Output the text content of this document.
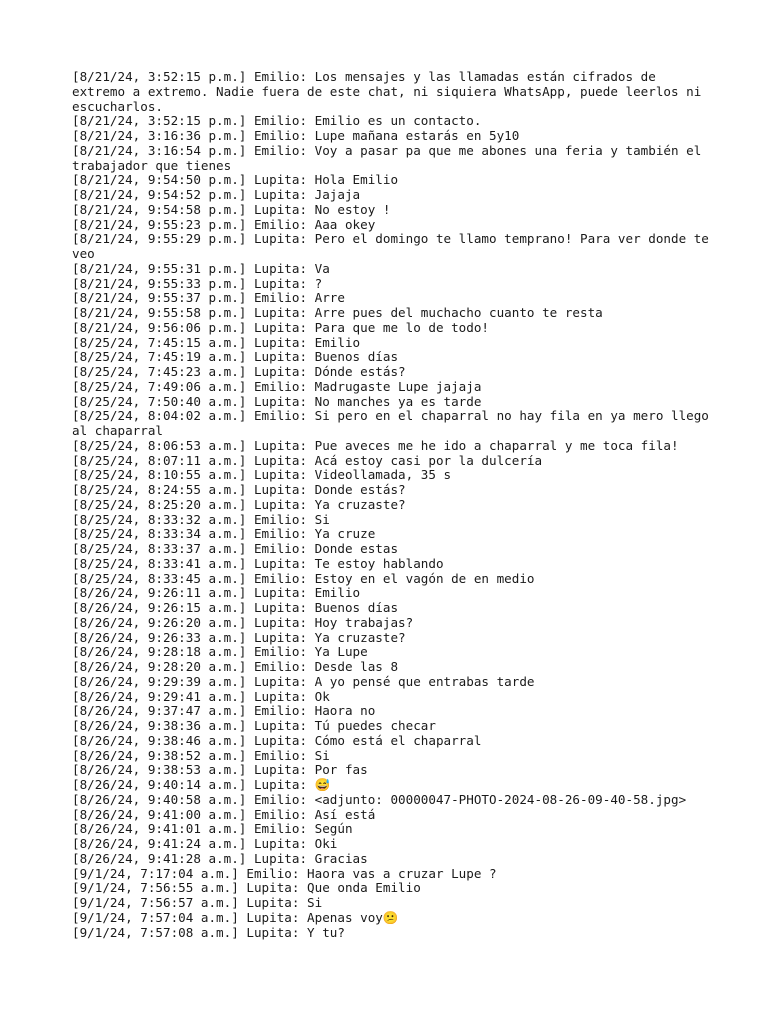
[8/21/24, 3:52:15 p.m.] Emilio: Los mensajes y las llamadas están cifrados de extremo a extremo. Nadie fuera de este chat, ni siquiera WhatsApp, puede leerlos ni escucharlos.
[8/21/24, 3:52:15 p.m.] Emilio: Emilio es un contacto.
[8/21/24, 3:16:36 p.m.] Emilio: Lupe mañana estarás en 5y10
[8/21/24, 3:16:54 p.m.] Emilio: Voy a pasar pa que me abones una feria y también el trabajador que tienes
[8/21/24, 9:54:50 p.m.] Lupita: Hola Emilio
[8/21/24, 9:54:52 p.m.] Lupita: Jajaja
[8/21/24, 9:54:58 p.m.] Lupita: No estoy !
[8/21/24, 9:55:23 p.m.] Emilio: Aaa okey
[8/21/24, 9:55:29 p.m.] Lupita: Pero el domingo te llamo temprano! Para ver donde te veo
[8/21/24, 9:55:31 p.m.] Lupita: Va
[8/21/24, 9:55:33 p.m.] Lupita: ?
[8/21/24, 9:55:37 p.m.] Emilio: Arre
[8/21/24, 9:55:58 p.m.] Lupita: Arre pues del muchacho cuanto te resta
[8/21/24, 9:56:06 p.m.] Lupita: Para que me lo de todo!
[8/25/24, 7:45:15 a.m.] Lupita: Emilio
[8/25/24, 7:45:19 a.m.] Lupita: Buenos días
[8/25/24, 7:45:23 a.m.] Lupita: Dónde estás?
[8/25/24, 7:49:06 a.m.] Emilio: Madrugaste Lupe jajaja
[8/25/24, 7:50:40 a.m.] Lupita: No manches ya es tarde
[8/25/24, 8:04:02 a.m.] Emilio: Si pero en el chaparral no hay fila en ya mero llego al chaparral
[8/25/24, 8:06:53 a.m.] Lupita: Pue aveces me he ido a chaparral y me toca fila!
[8/25/24, 8:07:11 a.m.] Lupita: Acá estoy casi por la dulcería
[8/25/24, 8:10:55 a.m.] Lupita: Videollamada, 35 s
[8/25/24, 8:24:55 a.m.] Lupita: Donde estás?
[8/25/24, 8:25:20 a.m.] Lupita: Ya cruzaste?
[8/25/24, 8:33:32 a.m.] Emilio: Si
[8/25/24, 8:33:34 a.m.] Emilio: Ya cruze
[8/25/24, 8:33:37 a.m.] Emilio: Donde estas
[8/25/24, 8:33:41 a.m.] Lupita: Te estoy hablando
[8/25/24, 8:33:45 a.m.] Emilio: Estoy en el vagón de en medio
[8/26/24, 9:26:11 a.m.] Lupita: Emilio
[8/26/24, 9:26:15 a.m.] Lupita: Buenos días
[8/26/24, 9:26:20 a.m.] Lupita: Hoy trabajas?
[8/26/24, 9:26:33 a.m.] Lupita: Ya cruzaste?
[8/26/24, 9:28:18 a.m.] Emilio: Ya Lupe
[8/26/24, 9:28:20 a.m.] Emilio: Desde las 8
[8/26/24, 9:29:39 a.m.] Lupita: A yo pensé que entrabas tarde
[8/26/24, 9:29:41 a.m.] Lupita: Ok
[8/26/24, 9:37:47 a.m.] Emilio: Haora no
[8/26/24, 9:38:36 a.m.] Lupita: Tú puedes checar
[8/26/24, 9:38:46 a.m.] Lupita: Cómo está el chaparral
[8/26/24, 9:38:52 a.m.] Emilio: Si
[8/26/24, 9:38:53 a.m.] Lupita: Por fas
[8/26/24, 9:40:14 a.m.] Lupita: 😅
[8/26/24, 9:40:58 a.m.] Emilio: <adjunto: 00000047-PHOTO-2024-08-26-09-40-58.jpg>
[8/26/24, 9:41:00 a.m.] Emilio: Así está
[8/26/24, 9:41:01 a.m.] Emilio: Según
[8/26/24, 9:41:24 a.m.] Lupita: Oki
[8/26/24, 9:41:28 a.m.] Lupita: Gracias
[9/1/24, 7:17:04 a.m.] Emilio: Haora vas a cruzar Lupe ?
[9/1/24, 7:56:55 a.m.] Lupita: Que onda Emilio
[9/1/24, 7:56:57 a.m.] Lupita: Si
[9/1/24, 7:57:04 a.m.] Lupita: Apenas voy😕
[9/1/24, 7:57:08 a.m.] Lupita: Y tu?
